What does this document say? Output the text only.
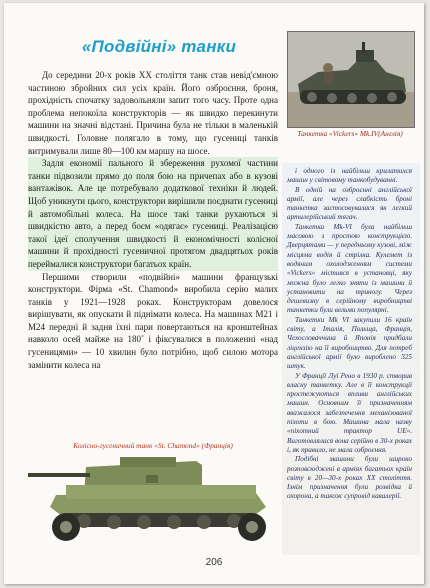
«Подвійні» танки

До середини 20-х років XX століття танк став невід'ємною частиною збройних сил усіх країн. Його озброєння, броня, прохідність спочатку задовольняли запит того часу. Проте одна проблема непокоїла конструкторів — як швидко перекинути машини на значні відстані. Причина була не тільки в маленькій швидкості. Головне полягало в тому, що гусениці танків витримували лише 80—100 км маршу на шосе.

Задля економії пального й збереження рухомої частини танки підвозили прямо до поля бою на причепах або в кузові вантажівок. Але це потребувало додаткової техніки й людей. Щоб уникнути цього, конструктори вирішили поєднати гусениці й автомобільні колеса. На шосе такі танки рухаються зі швидкістю авто, а перед боєм «одягає» гусениці. Реалізацією такої ідеї сполучення швидкості й економічності колісної машини й прохідності гусеничної протягом двадцятьох років переймалися конструктори багатьох країн.

Першими створили «подвійні» машини французькі конструктори. Фірма «St. Chamond» виробила серію малих танків у 1921—1928 роках. Конструкторам довелося вирішувати, як опускати й піднімати колеса. На машинах М21 і М24 передні й задня їхні пари повертаються на кронштейнах навколо осей майже на 180˚ і фіксувалися в положенні «над гусеницями» — 10 хвилин було потрібно, щоб силою мотора замінити колеса на

Танкетка «Vickers» Mk.IV(Англія)

і одного із найбільш крилатихся машин у світовому танкобудуванні.

В одній на озброєнні англійської армії, але через слабкість броні танкетка застосовувалася як легкий артилерійський тягач.

Танкетка Mk-VI була найбільш масовою з простою конструкцією. Дверцятами — у передньому кузові, між місцями водія й стрілка. Кулемет із водяним охолодженням системи «Vickers» містився в установці, яку можна було легко зняти із машини й установити на триногу. Через дешевизну в серійному виробництві танкетки були вельми популярні.

Танкетки Mk VI закупили 16 країн світу, а Італія, Польща, Франція, Чехословаччина й Японія придбали ліцензію на її виробництво. Для потреб англійської армії було вироблено 325 штук.

У Франції Луї Рено в 1930 р. створив власну танкетку. Але в її конструкції простежуються впливи англійських машин. Основним її призначенням вважалося забезпечення механізованої піхоти в бою. Машина мала назву «піхотний трактор UE». Виготовлялася вона серійно в 30-х роках і, як правило, не мала озброєння.

Подібні машини були широко розповсюджені в арміях багатьох країн світу в 20—30-х роках XX століття. Ізнім призначення були розвідка й охорона, а також супровід кавалерії.

Колісно-гусеничний танк «St. Chamond» (Франція)
206
